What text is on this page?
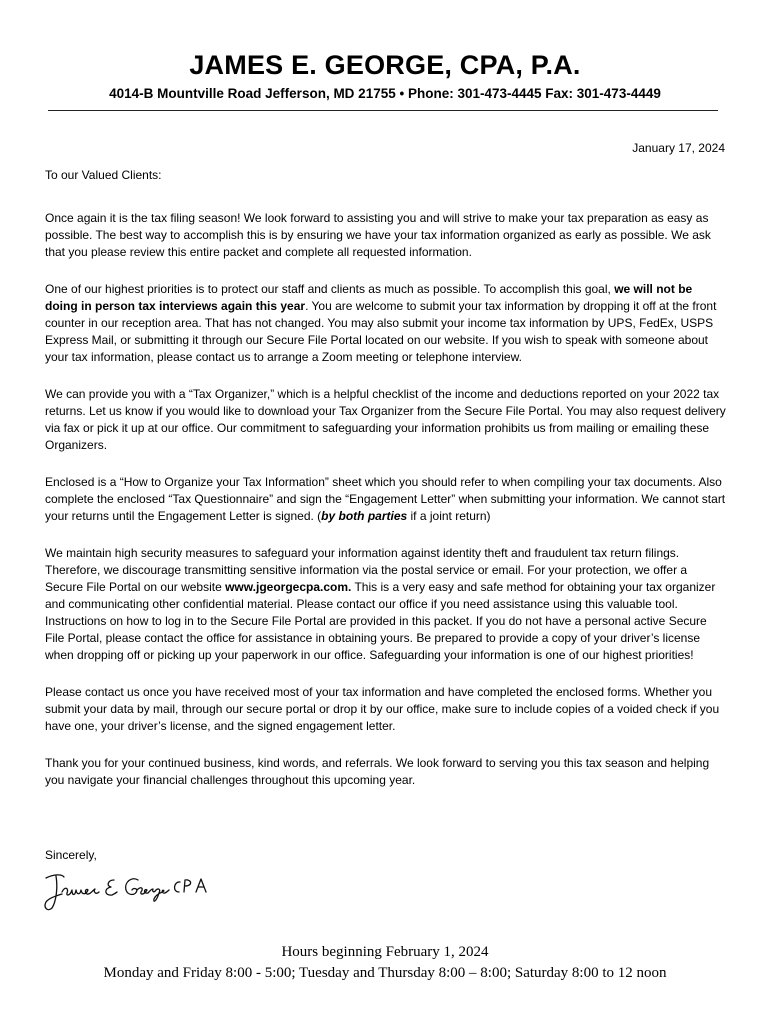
JAMES E. GEORGE, CPA, P.A.
4014-B Mountville Road Jefferson, MD 21755 • Phone: 301-473-4445 Fax: 301-473-4449
January 17, 2024
To our Valued Clients:

Once again it is the tax filing season! We look forward to assisting you and will strive to make your tax preparation as easy as possible. The best way to accomplish this is by ensuring we have your tax information organized as early as possible. We ask that you please review this entire packet and complete all requested information.

One of our highest priorities is to protect our staff and clients as much as possible. To accomplish this goal, we will not be doing in person tax interviews again this year. You are welcome to submit your tax information by dropping it off at the front counter in our reception area. That has not changed. You may also submit your income tax information by UPS, FedEx, USPS Express Mail, or submitting it through our Secure File Portal located on our website. If you wish to speak with someone about your tax information, please contact us to arrange a Zoom meeting or telephone interview.

We can provide you with a “Tax Organizer,” which is a helpful checklist of the income and deductions reported on your 2022 tax returns. Let us know if you would like to download your Tax Organizer from the Secure File Portal. You may also request delivery via fax or pick it up at our office. Our commitment to safeguarding your information prohibits us from mailing or emailing these Organizers.

Enclosed is a “How to Organize your Tax Information” sheet which you should refer to when compiling your tax documents. Also complete the enclosed “Tax Questionnaire” and sign the “Engagement Letter” when submitting your information. We cannot start your returns until the Engagement Letter is signed. (by both parties if a joint return)

We maintain high security measures to safeguard your information against identity theft and fraudulent tax return filings. Therefore, we discourage transmitting sensitive information via the postal service or email. For your protection, we offer a Secure File Portal on our website www.jgeorgecpa.com. This is a very easy and safe method for obtaining your tax organizer and communicating other confidential material. Please contact our office if you need assistance using this valuable tool. Instructions on how to log in to the Secure File Portal are provided in this packet. If you do not have a personal active Secure File Portal, please contact the office for assistance in obtaining yours. Be prepared to provide a copy of your driver’s license when dropping off or picking up your paperwork in our office. Safeguarding your information is one of our highest priorities!

Please contact us once you have received most of your tax information and have completed the enclosed forms. Whether you submit your data by mail, through our secure portal or drop it by our office, make sure to include copies of a voided check if you have one, your driver’s license, and the signed engagement letter.

Thank you for your continued business, kind words, and referrals. We look forward to serving you this tax season and helping you navigate your financial challenges throughout this upcoming year.

Sincerely,
Hours beginning February 1, 2024
Monday and Friday 8:00 - 5:00; Tuesday and Thursday 8:00 – 8:00; Saturday 8:00 to 12 noon
